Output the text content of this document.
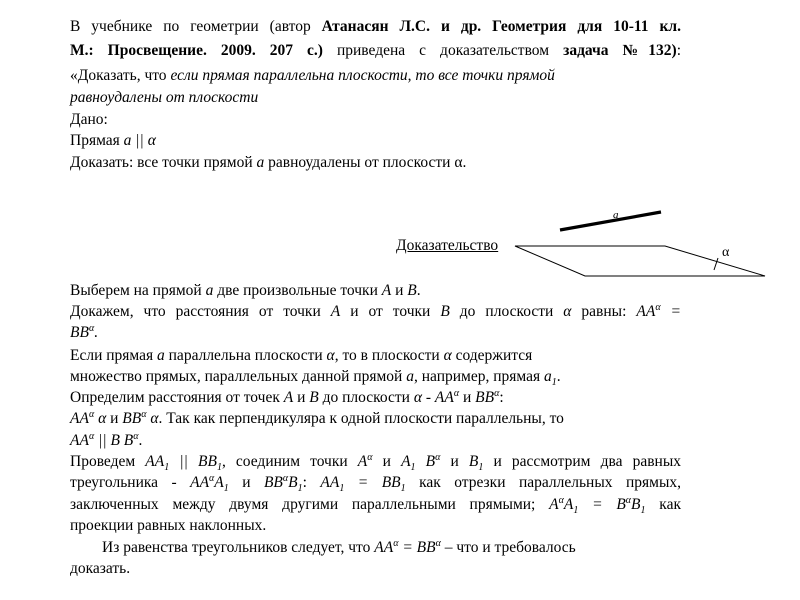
В учебнике по геометрии (автор Атанасян Л.С. и др. Геометрия для 10-11 кл.
М.: Просвещение. 2009. 207 с.) приведена с доказательством задача №132):
«Доказать, что если прямая параллельна плоскости, то все точки прямой
равноудалены от плоскости
Дано:
Прямая a || α
Доказать: все точки прямой a равноудалены от плоскости α.
a
α
Доказательство
Выберем на прямой a две произвольные точки A и B.
Докажем, что расстояния от точки A и от точки B до плоскости α равны: $AA^\alpha$ =
$BB^\alpha$.
Если прямая a параллельна плоскости α, то в плоскости α содержится
множество прямых, параллельных данной прямой a, например, прямая $a_1$.
Определим расстояния от точек A и B до плоскости α - $AA^\alpha$ и $BB^\alpha$:
$AA^\alpha$ α и $BB^\alpha$ α. Так как перпендикуляра к одной плоскости параллельны, то
$AA^\alpha$ || B $B^\alpha$.
Проведем $AA_1$ || $BB_1$, соединим точки $A^\alpha$ и $A_1$ $B^\alpha$ и $B_1$ и рассмотрим два равных
треугольника - $AA^\alpha A_1$ и $BB^\alpha B_1$: $AA_1 = BB_1$ как отрезки параллельных прямых,
заключенных между двумя другими параллельными прямыми; $A^\alpha A_1 = B^\alpha B_1$ как
проекции равных наклонных.
Из равенства треугольников следует, что $AA^\alpha = BB^\alpha$ – что и требовалось
доказать.
